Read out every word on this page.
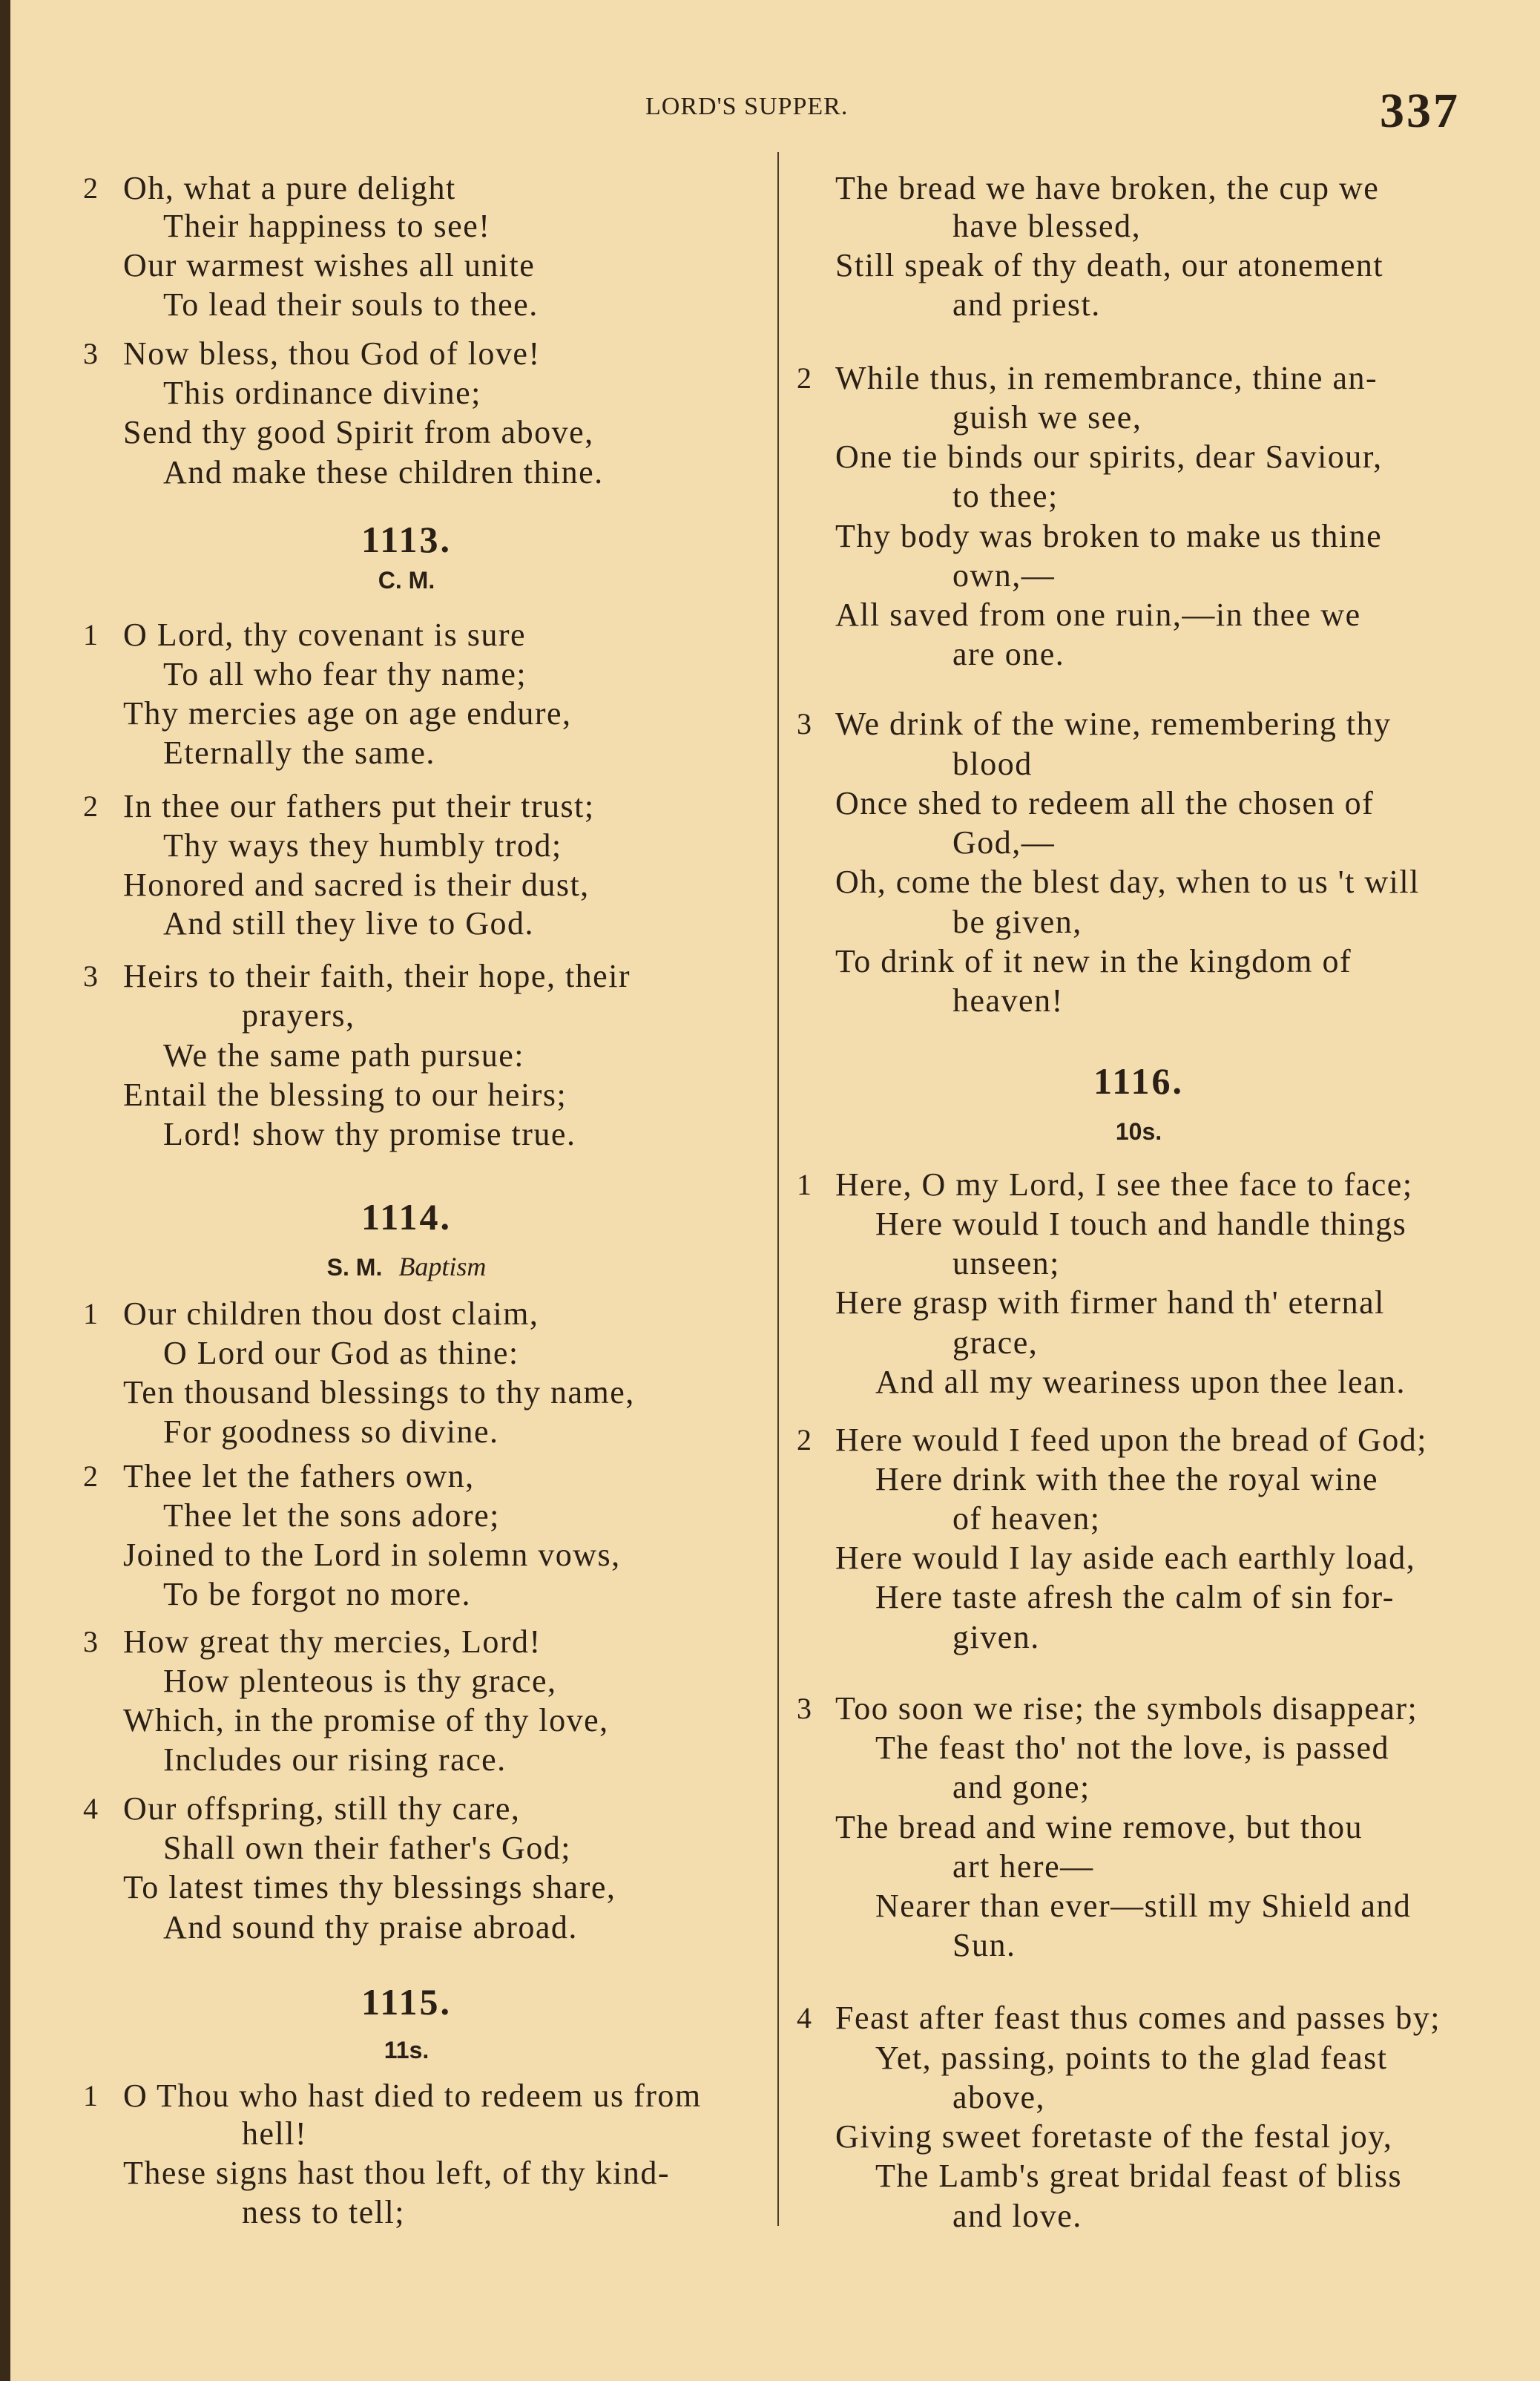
LORD'S SUPPER.	337
2 Oh, what a pure delight
Their happiness to see!
Our warmest wishes all unite
To lead their souls to thee.
3 Now bless, thou God of love!
This ordinance divine;
Send thy good Spirit from above,
And make these children thine.
1113.
C. M.
1 O Lord, thy covenant is sure
To all who fear thy name;
Thy mercies age on age endure,
Eternally the same.
2 In thee our fathers put their trust;
Thy ways they humbly trod;
Honored and sacred is their dust,
And still they live to God.
3 Heirs to their faith, their hope, their
prayers,
We the same path pursue:
Entail the blessing to our heirs;
Lord! show thy promise true.
1114.
S. M. Baptism
1 Our children thou dost claim,
O Lord our God as thine:
Ten thousand blessings to thy name,
For goodness so divine.
2 Thee let the fathers own,
Thee let the sons adore;
Joined to the Lord in solemn vows,
To be forgot no more.
3 How great thy mercies, Lord!
How plenteous is thy grace,
Which, in the promise of thy love,
Includes our rising race.
4 Our offspring, still thy care,
Shall own their father's God;
To latest times thy blessings share,
And sound thy praise abroad.
1115.
11s.
1 O Thou who hast died to redeem us from
hell!
These signs hast thou left, of thy kind-
ness to tell;
The bread we have broken, the cup we
have blessed,
Still speak of thy death, our atonement
and priest.
2 While thus, in remembrance, thine an-
guish we see,
One tie binds our spirits, dear Saviour,
to thee;
Thy body was broken to make us thine
own,—
All saved from one ruin,—in thee we
are one.
3 We drink of the wine, remembering thy
blood
Once shed to redeem all the chosen of
God,—
Oh, come the blest day, when to us 't will
be given,
To drink of it new in the kingdom of
heaven!
1116.
10s.
1 Here, O my Lord, I see thee face to face;
Here would I touch and handle things
unseen;
Here grasp with firmer hand th' eternal
grace,
And all my weariness upon thee lean.
2 Here would I feed upon the bread of God;
Here drink with thee the royal wine
of heaven;
Here would I lay aside each earthly load,
Here taste afresh the calm of sin for-
given.
3 Too soon we rise; the symbols disappear;
The feast tho' not the love, is passed
and gone;
The bread and wine remove, but thou
art here—
Nearer than ever—still my Shield and
Sun.
4 Feast after feast thus comes and passes by;
Yet, passing, points to the glad feast
above,
Giving sweet foretaste of the festal joy,
The Lamb's great bridal feast of bliss
and love.
